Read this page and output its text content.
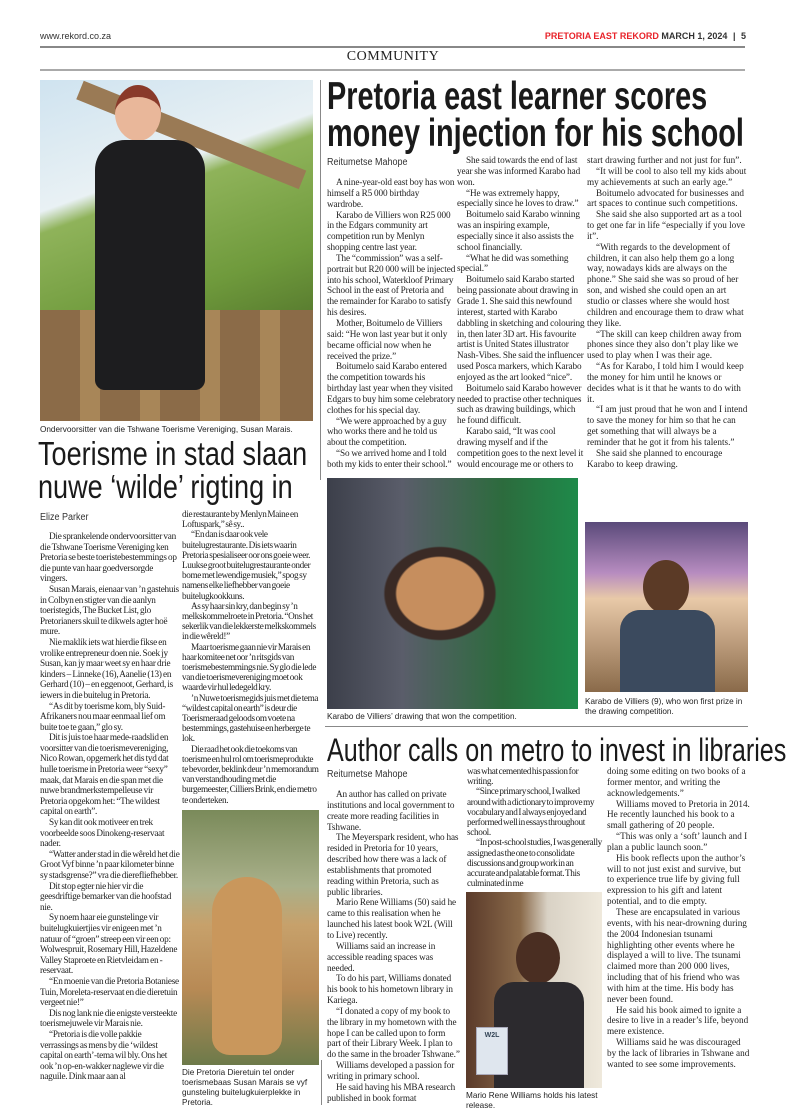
www.rekord.co.za	PRETORIA EAST REKORD MARCH 1, 2024 | 5
COMMUNITY
Ondervoorsitter van die Tshwane Toerisme Vereniging, Susan Marais.
Pretoria east learner scores
money injection for his school
Reitumetse Mahope

A nine-year-old east boy has won himself a R5 000 birthday wardrobe.

Karabo de Villiers won R25 000 in the Edgars community art competition run by Menlyn shopping centre last year.

The “commission” was a self-portrait but R20 000 will be injected into his school, Waterkloof Primary School in the east of Pretoria and the remainder for Karabo to satisfy his desires.

Mother, Boitumelo de Villiers said: “He won last year but it only became official now when he received the prize.”

Boitumelo said Karabo entered the competition towards his birthday last year when they visited Edgars to buy him some celebratory clothes for his special day.

“We were approached by a guy who works there and he told us about the competition.

“So we arrived home and I told both my kids to enter their school.”

She said towards the end of last year she was informed Karabo had won.

“He was extremely happy, especially since he loves to draw.”

Boitumelo said Karabo winning was an inspiring example, especially since it also assists the school financially.

“What he did was something special.”

Boitumelo said Karabo started being passionate about drawing in Grade 1. She said this newfound interest, started with Karabo dabbling in sketching and colouring in, then later 3D art. His favourite artist is United States illustrator Nash-Vibes. She said the influencer used Posca markers, which Karabo enjoyed as the art looked “nice”.

Boitumelo said Karabo however needed to practise other techniques such as drawing buildings, which he found difficult.

Karabo said, “It was cool drawing myself and if the competition goes to the next level it would encourage me or others to

start drawing further and not just for fun”.

“It will be cool to also tell my kids about my achievements at such an early age.”

Boitumelo advocated for businesses and art spaces to continue such competitions.

She said she also supported art as a tool to get one far in life “especially if you love it”.

“With regards to the development of children, it can also help them go a long way, nowadays kids are always on the phone.” She said she was so proud of her son, and wished she could open an art studio or classes where she would host children and encourage them to draw what they like.

“The skill can keep children away from phones since they also don’t play like we used to play when I was their age.

“As for Karabo, I told him I would keep the money for him until he knows or decides what is it that he wants to do with it.

“I am just proud that he won and I intend to save the money for him so that he can get something that will always be a reminder that he got it from his talents.”

She said she planned to encourage Karabo to keep drawing.

Karabo de Villiers’ drawing that won the competition.
Karabo de Villiers (9), who won first prize in the drawing competition.
Toerisme in stad slaan
nuwe ‘wilde’ rigting in
Elize Parker

Die sprankelende ondervoorsitter van die Tshwane Toerisme Vereniging ken Pretoria se beste toeristebestemmings op die punte van haar goedversorgde vingers.

Susan Marais, eienaar van ’n gastehuis in Colbyn en stigter van die aanlyn toeristegids, The Bucket List, glo Pretorianers skuil te dikwels agter hoë mure.

Nie maklik iets wat hierdie fikse en vrolike entrepreneur doen nie. Soek jy Susan, kan jy maar weet sy en haar drie kinders – Linneke (16), Aanelie (13) en Gerhard (10) – en eggenoot, Gerhard, is iewers in die buitelug in Pretoria.

“As dit by toerisme kom, bly Suid-Afrikaners nou maar eenmaal lief om buite toe te gaan,” glo sy.

Dit is juis toe haar mede-raadslid en voorsitter van die toerismevereniging, Nico Rowan, opgemerk het dis tyd dat hulle toerisme in Pretoria weer “sexy” maak, dat Marais en die span met die nuwe brandmerkstempelleuse vir Pretoria opgekom het: “The wildest capital on earth”.

Sy kan dit ook motiveer en trek voorbeelde soos Dinokeng-reservaat nader.

“Watter ander stad in die wêreld het die Groot Vyf binne ’n paar kilometer binne sy stadsgrense?” vra die dierefliefhebber.

Dit stop egter nie hier vir die geesdriftige bemarker van die hoofstad nie.

Sy noem haar eie gunstelinge vir buitelugkuiertjies vir enigeen met ’n natuur of “groen” streep een vir een op: Wolwespruit, Rosemary Hill, Hazeldene Valley Staproete en Rietvleidam en -reservaat.

“En moenie van die Pretoria Botaniese Tuin, Moreleta-reservaat en die dieretuin vergeet nie!”

Dis nog lank nie die enigste versteekte toerismejuwele vir Marais nie.

“Pretoria is die volle pakkie verrassings as mens by die ‘wildest capital on earth’-tema wil bly. Ons het ook ’n op-en-wakker naglewe vir die naguile. Dink maar aan al

die restaurante by Menlyn Maine en Loftuspark,” sê sy..

“En dan is daar ook vele buitelugrestaurante. Dis iets waarin Pretoria spesialiseer oor ons goeie weer. Luukse groot buitelugrestaurante onder bome met lewendige musiek,” spog sy namens elke liefhebber van goeie buitelugkookkuns.

As sy haar sin kry, dan begin sy ’n melkskommelroete in Pretoria. “Ons het sekerlik van die lekkerste melkskommels in die wêreld!”

Maar toerisme gaan nie vir Marais en haar komitee net oor ’n ritsgids van toerismebestemmings nie. Sy glo die lede van die toerismevereniging moet ook waarde vir hul ledegeld kry.

’n Nuwe toerismegids juis met die tema “wildest capital on earth” is deur die Toerismeraad geloods om voete na bestemmings, gastehuise en herberge te lok.

Die raad het ook die toekoms van toerisme en hul rol om toerismeprodukte te bevorder, beklink deur ’n memorandum van verstandhouding met die burgemeester, Cilliers Brink, en die metro te onderteken.

Die Pretoria Dieretuin tel onder toerismebaas Susan Marais se vyf gunsteling buitelugkuierplekke in Pretoria.
Author calls on metro to invest in libraries
Reitumetse Mahope

An author has called on private institutions and local government to create more reading facilities in Tshwane.

The Meyerspark resident, who has resided in Pretoria for 10 years, described how there was a lack of establishments that promoted reading within Pretoria, such as public libraries.

Mario Rene Williams (50) said he came to this realisation when he launched his latest book W2L (Will to Live) recently.

Williams said an increase in accessible reading spaces was needed.

To do his part, Williams donated his book to his hometown library in Kariega.

“I donated a copy of my book to the library in my hometown with the hope I can be called upon to form part of their Library Week. I plan to do the same in the broader Tshwane.”

Williams developed a passion for writing in primary school.

He said having his MBA research published in book format

was what cemented his passion for writing.

“Since primary school, I walked around with a dictionary to improve my vocabulary and I always enjoyed and performed well in essays throughout school.

“In post-school studies, I was generally assigned as the one to consolidate discussions and group work in an accurate and palatable format. This culminated in me

doing some editing on two books of a former mentor, and writing the acknowledgements.”

Williams moved to Pretoria in 2014. He recently launched his book to a small gathering of 20 people.

“This was only a ‘soft’ launch and I plan a public launch soon.”

His book reflects upon the author’s will to not just exist and survive, but to experience true life by giving full expression to his gift and latent potential, and to die empty.

These are encapsulated in various events, with his near-drowning during the 2004 Indonesian tsunami highlighting other events where he displayed a will to live. The tsunami claimed more than 200 000 lives, including that of his friend who was with him at the time. His body has never been found.

He said his book aimed to ignite a desire to live in a reader’s life, beyond mere existence.

Williams said he was discouraged by the lack of libraries in Tshwane and wanted to see some improvements.

W2L
Mario Rene Williams holds his latest release.
